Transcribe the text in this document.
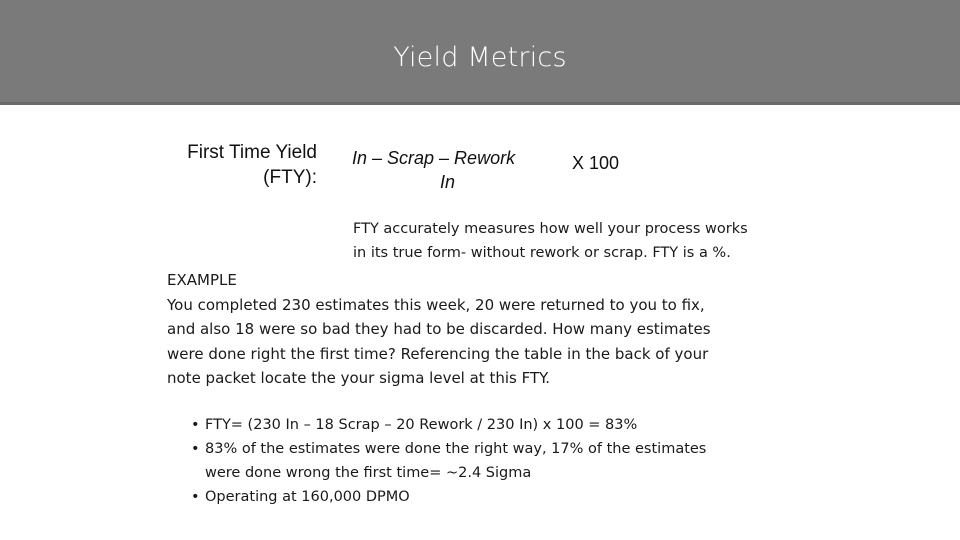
Yield Metrics
First Time Yield
(FTY):
In – Scrap – Rework
In
X 100
FTY accurately measures how well your process works
in its true form- without rework or scrap. FTY is a %.
EXAMPLE
You completed 230 estimates this week, 20 were returned to you to fix,
and also 18 were so bad they had to be discarded. How many estimates
were done right the first time? Referencing the table in the back of your
note packet locate the your sigma level at this FTY.
• FTY= (230 In – 18 Scrap – 20 Rework / 230 In) x 100 = 83%
• 83% of the estimates were done the right way, 17% of the estimates
were done wrong the first time= ~2.4 Sigma
• Operating at 160,000 DPMO
